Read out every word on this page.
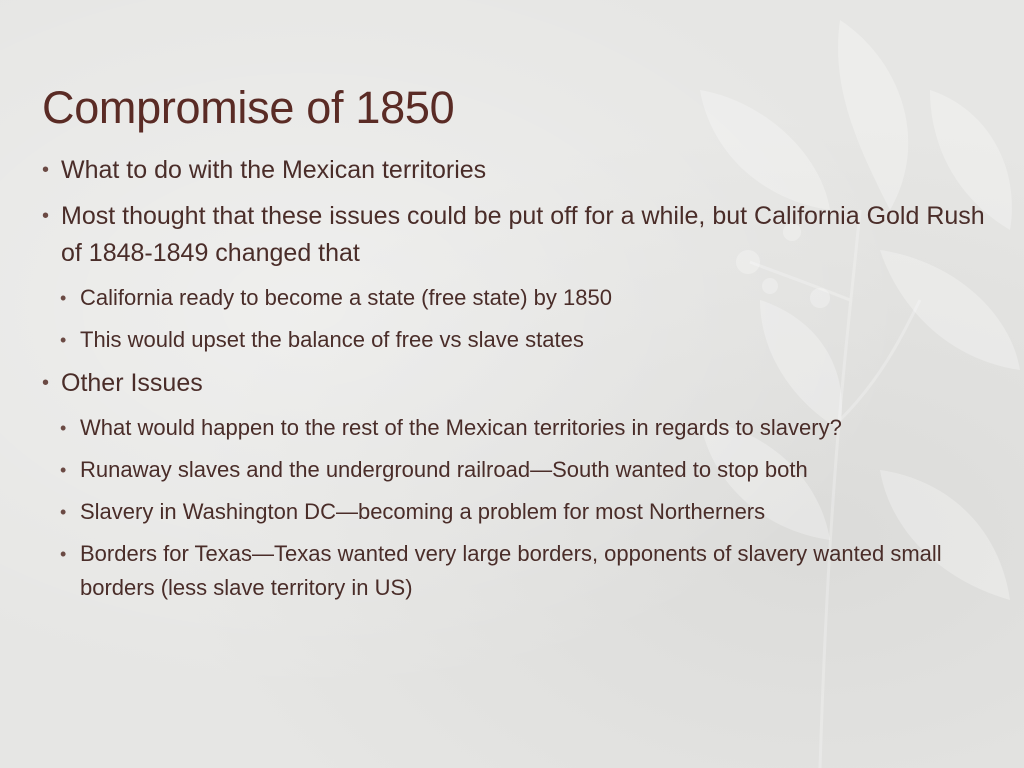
Compromise of 1850
• What to do with the Mexican territories
• Most thought that these issues could be put off for a while, but California Gold Rush of 1848-1849 changed that
• California ready to become a state (free state) by 1850
• This would upset the balance of free vs slave states
• Other Issues
• What would happen to the rest of the Mexican territories in regards to slavery?
• Runaway slaves and the underground railroad—South wanted to stop both
• Slavery in Washington DC—becoming a problem for most Northerners
• Borders for Texas—Texas wanted very large borders, opponents of slavery wanted small borders (less slave territory in US)
